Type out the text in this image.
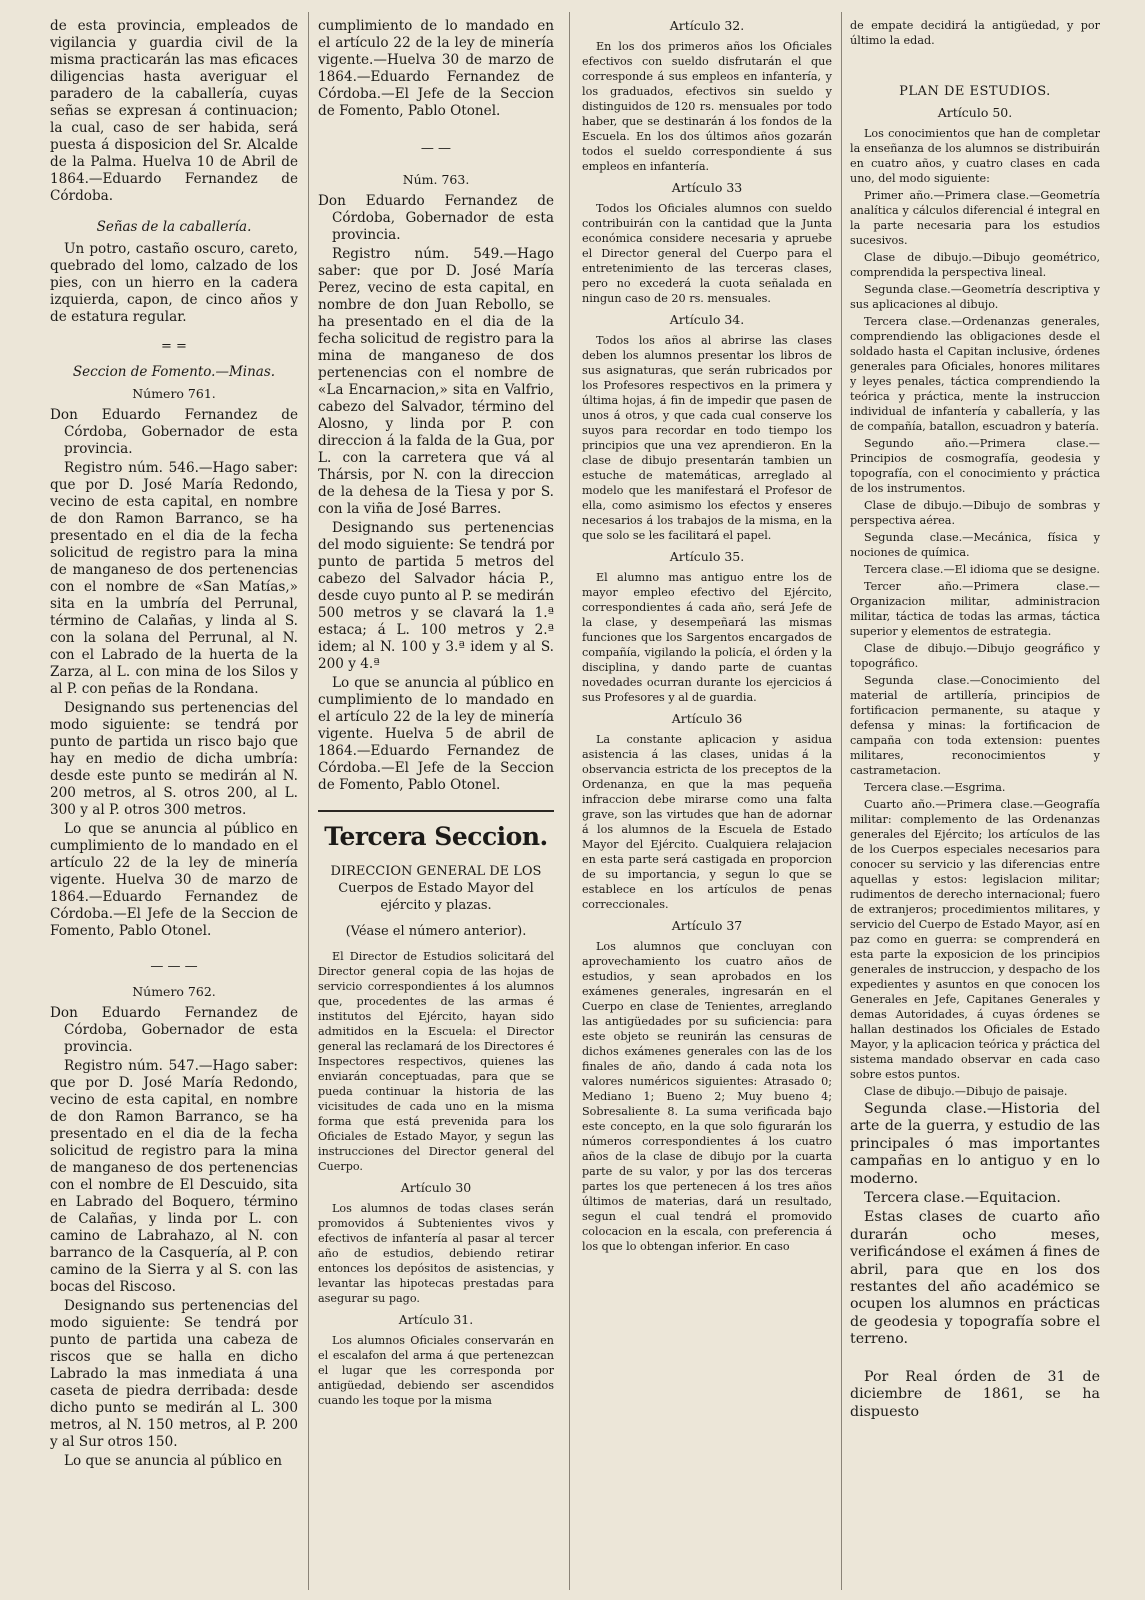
de esta provincia, empleados de vigilancia y guardia civil de la misma practicarán las mas eficaces diligencias hasta averiguar el paradero de la caballería, cuyas señas se expresan á continuacion; la cual, caso de ser habida, será puesta á disposicion del Sr. Alcalde de la Palma. Huelva 10 de Abril de 1864.—Eduardo Fernandez de Córdoba.

Señas de la caballería.

Un potro, castaño oscuro, careto, quebrado del lomo, calzado de los pies, con un hierro en la cadera izquierda, capon, de cinco años y de estatura regular.

= =
Seccion de Fomento.—Minas.
Número 761.

Don Eduardo Fernandez de Córdoba, Gobernador de esta provincia.

Registro núm. 546.—Hago saber: que por D. José María Redondo, vecino de esta capital, en nombre de don Ramon Barranco, se ha presentado en el dia de la fecha solicitud de registro para la mina de manganeso de dos pertenencias con el nombre de «San Matías,» sita en la umbría del Perrunal, término de Calañas, y linda al S. con la solana del Perrunal, al N. con el Labrado de la huerta de la Zarza, al L. con mina de los Silos y al P. con peñas de la Rondana.

Designando sus pertenencias del modo siguiente: se tendrá por punto de partida un risco bajo que hay en medio de dicha umbría: desde este punto se medirán al N. 200 metros, al S. otros 200, al L. 300 y al P. otros 300 metros.

Lo que se anuncia al público en cumplimiento de lo mandado en el artículo 22 de la ley de minería vigente. Huelva 30 de marzo de 1864.—Eduardo Fernandez de Córdoba.—El Jefe de la Seccion de Fomento, Pablo Otonel.

— — —
Número 762.

Don Eduardo Fernandez de Córdoba, Gobernador de esta provincia.

Registro núm. 547.—Hago saber: que por D. José María Redondo, vecino de esta capital, en nombre de don Ramon Barranco, se ha presentado en el dia de la fecha solicitud de registro para la mina de manganeso de dos pertenencias con el nombre de El Descuido, sita en Labrado del Boquero, término de Calañas, y linda por L. con camino de Labrahazo, al N. con barranco de la Casquería, al P. con camino de la Sierra y al S. con las bocas del Riscoso.

Designando sus pertenencias del modo siguiente: Se tendrá por punto de partida una cabeza de riscos que se halla en dicho Labrado la mas inmediata á una caseta de piedra derribada: desde dicho punto se medirán al L. 300 metros, al N. 150 metros, al P. 200 y al Sur otros 150.

Lo que se anuncia al público en

cumplimiento de lo mandado en el artículo 22 de la ley de minería vigente.—Huelva 30 de marzo de 1864.—Eduardo Fernandez de Córdoba.—El Jefe de la Seccion de Fomento, Pablo Otonel.

— —
Núm. 763.

Don Eduardo Fernandez de Córdoba, Gobernador de esta provincia.

Registro núm. 549.—Hago saber: que por D. José María Perez, vecino de esta capital, en nombre de don Juan Rebollo, se ha presentado en el dia de la fecha solicitud de registro para la mina de manganeso de dos pertenencias con el nombre de «La Encarnacion,» sita en Valfrio, cabezo del Salvador, término del Alosno, y linda por P. con direccion á la falda de la Gua, por L. con la carretera que vá al Thársis, por N. con la direccion de la dehesa de la Tiesa y por S. con la viña de José Barres.

Designando sus pertenencias del modo siguiente: Se tendrá por punto de partida 5 metros del cabezo del Salvador hácia P., desde cuyo punto al P. se medirán 500 metros y se clavará la 1.ª estaca; á L. 100 metros y 2.ª idem; al N. 100 y 3.ª idem y al S. 200 y 4.ª

Lo que se anuncia al público en cumplimiento de lo mandado en el artículo 22 de la ley de minería vigente. Huelva 5 de abril de 1864.—Eduardo Fernandez de Córdoba.—El Jefe de la Seccion de Fomento, Pablo Otonel.

Tercera Seccion.
DIRECCION GENERAL DE LOS
Cuerpos de Estado Mayor del
ejército y plazas.
(Véase el número anterior).

El Director de Estudios solicitará del Director general copia de las hojas de servicio correspondientes á los alumnos que, procedentes de las armas é institutos del Ejército, hayan sido admitidos en la Escuela: el Director general las reclamará de los Directores é Inspectores respectivos, quienes las enviarán conceptuadas, para que se pueda continuar la historia de las vicisitudes de cada uno en la misma forma que está prevenida para los Oficiales de Estado Mayor, y segun las instrucciones del Director general del Cuerpo.

Artículo 30

Los alumnos de todas clases serán promovidos á Subtenientes vivos y efectivos de infantería al pasar al tercer año de estudios, debiendo retirar entonces los depósitos de asistencias, y levantar las hipotecas prestadas para asegurar su pago.

Artículo 31.

Los alumnos Oficiales conservarán en el escalafon del arma á que pertenezcan el lugar que les corresponda por antigüedad, debiendo ser ascendidos cuando les toque por la misma

Artículo 32.

En los dos primeros años los Oficiales efectivos con sueldo disfrutarán el que corresponde á sus empleos en infantería, y los graduados, efectivos sin sueldo y distinguidos de 120 rs. mensuales por todo haber, que se destinarán á los fondos de la Escuela. En los dos últimos años gozarán todos el sueldo correspondiente á sus empleos en infantería.

Artículo 33

Todos los Oficiales alumnos con sueldo contribuirán con la cantidad que la Junta económica considere necesaria y apruebe el Director general del Cuerpo para el entretenimiento de las terceras clases, pero no excederá la cuota señalada en ningun caso de 20 rs. mensuales.

Artículo 34.

Todos los años al abrirse las clases deben los alumnos presentar los libros de sus asignaturas, que serán rubricados por los Profesores respectivos en la primera y última hojas, á fin de impedir que pasen de unos á otros, y que cada cual conserve los suyos para recordar en todo tiempo los principios que una vez aprendieron. En la clase de dibujo presentarán tambien un estuche de matemáticas, arreglado al modelo que les manifestará el Profesor de ella, como asimismo los efectos y enseres necesarios á los trabajos de la misma, en la que solo se les facilitará el papel.

Artículo 35.

El alumno mas antiguo entre los de mayor empleo efectivo del Ejército, correspondientes á cada año, será Jefe de la clase, y desempeñará las mismas funciones que los Sargentos encargados de compañía, vigilando la policía, el órden y la disciplina, y dando parte de cuantas novedades ocurran durante los ejercicios á sus Profesores y al de guardia.

Artículo 36

La constante aplicacion y asidua asistencia á las clases, unidas á la observancia estricta de los preceptos de la Ordenanza, en que la mas pequeña infraccion debe mirarse como una falta grave, son las virtudes que han de adornar á los alumnos de la Escuela de Estado Mayor del Ejército. Cualquiera relajacion en esta parte será castigada en proporcion de su importancia, y segun lo que se establece en los artículos de penas correccionales.

Artículo 37

Los alumnos que concluyan con aprovechamiento los cuatro años de estudios, y sean aprobados en los exámenes generales, ingresarán en el Cuerpo en clase de Tenientes, arreglando las antigüedades por su suficiencia: para este objeto se reunirán las censuras de dichos exámenes generales con las de los finales de año, dando á cada nota los valores numéricos siguientes: Atrasado 0; Mediano 1; Bueno 2; Muy bueno 4; Sobresaliente 8. La suma verificada bajo este concepto, en la que solo figurarán los números correspondientes á los cuatro años de la clase de dibujo por la cuarta parte de su valor, y por las dos terceras partes los que pertenecen á los tres años últimos de materias, dará un resultado, segun el cual tendrá el promovido colocacion en la escala, con preferencia á los que lo obtengan inferior. En caso

de empate decidirá la antigüedad, y por último la edad.

PLAN DE ESTUDIOS.
Artículo 50.

Los conocimientos que han de completar la enseñanza de los alumnos se distribuirán en cuatro años, y cuatro clases en cada uno, del modo siguiente:

Primer año.—Primera clase.—Geometría analítica y cálculos diferencial é integral en la parte necesaria para los estudios sucesivos.

Clase de dibujo.—Dibujo geométrico, comprendida la perspectiva lineal.

Segunda clase.—Geometría descriptiva y sus aplicaciones al dibujo.

Tercera clase.—Ordenanzas generales, comprendiendo las obligaciones desde el soldado hasta el Capitan inclusive, órdenes generales para Oficiales, honores militares y leyes penales, táctica comprendiendo la teórica y práctica, mente la instruccion individual de infantería y caballería, y las de compañía, batallon, escuadron y batería.

Segundo año.—Primera clase.—Principios de cosmografía, geodesia y topografía, con el conocimiento y práctica de los instrumentos.

Clase de dibujo.—Dibujo de sombras y perspectiva aérea.

Segunda clase.—Mecánica, física y nociones de química.

Tercera clase.—El idioma que se designe.

Tercer año.—Primera clase.—Organizacion militar, administracion militar, táctica de todas las armas, táctica superior y elementos de estrategia.

Clase de dibujo.—Dibujo geográfico y topográfico.

Segunda clase.—Conocimiento del material de artillería, principios de fortificacion permanente, su ataque y defensa y minas: la fortificacion de campaña con toda extension: puentes militares, reconocimientos y castrametacion.

Tercera clase.—Esgrima.

Cuarto año.—Primera clase.—Geografía militar: complemento de las Ordenanzas generales del Ejército; los artículos de las de los Cuerpos especiales necesarios para conocer su servicio y las diferencias entre aquellas y estos: legislacion militar; rudimentos de derecho internacional; fuero de extranjeros; procedimientos militares, y servicio del Cuerpo de Estado Mayor, así en paz como en guerra: se comprenderá en esta parte la exposicion de los principios generales de instruccion, y despacho de los expedientes y asuntos en que conocen los Generales en Jefe, Capitanes Generales y demas Autoridades, á cuyas órdenes se hallan destinados los Oficiales de Estado Mayor, y la aplicacion teórica y práctica del sistema mandado observar en cada caso sobre estos puntos.

Clase de dibujo.—Dibujo de paisaje.

Segunda clase.—Historia del arte de la guerra, y estudio de las principales ó mas importantes campañas en lo antiguo y en lo moderno.

Tercera clase.—Equitacion.

Estas clases de cuarto año durarán ocho meses, verificándose el exámen á fines de abril, para que en los dos restantes del año académico se ocupen los alumnos en prácticas de geodesia y topografía sobre el terreno.

Por Real órden de 31 de diciembre de 1861, se ha dispuesto
